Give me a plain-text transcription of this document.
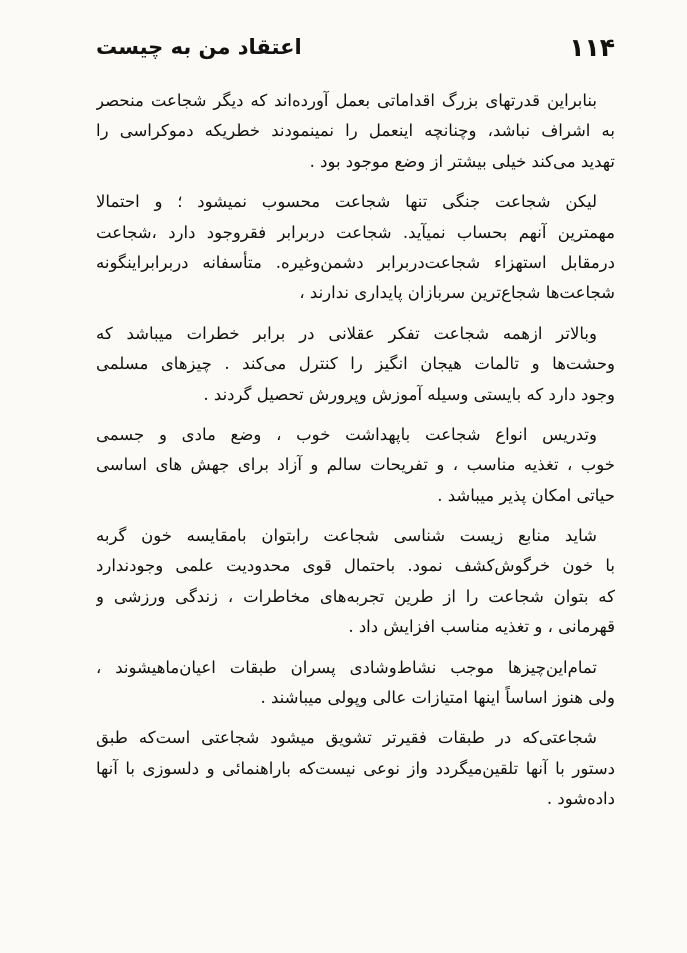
۱۱۴
اعتقاد من به چیست
بنابراین قدرتهای بزرگ اقداماتی بعمل آورده‌اند که دیگر شجاعت منحصر
به اشراف نباشد، وچنانچه اینعمل را نمینمودند خطریکه دموکراسی را
تهدید می‌کند خیلی بیشتر از وضع موجود بود .
لیکن شجاعت جنگی تنها شجاعت محسوب نمیشود ؛ و احتمالا
مهمترین آنهم بحساب نمیآید. شجاعت دربرابر فقروجود دارد ،شجاعت
درمقابل استهزاء شجاعت‌دربرابر دشمن‌وغیره. متأسفانه دربرابراینگونه
شجاعت‌ها شجاع‌ترین سربازان پایداری ندارند ،
وبالاتر ازهمه شجاعت تفکر عقلانی در برابر خطرات میباشد که
وحشت‌ها و تالمات هیجان انگیز را کنترل می‌کند . چیزهای مسلمی
وجود دارد که بایستی وسیله آموزش وپرورش تحصیل گردند .
وتدریس انواع شجاعت باپهداشت خوب ، وضع مادی و جسمی
خوب ، تغذیه مناسب ، و تفریحات سالم و آزاد برای جهش های اساسی
حیاتی امکان پذیر میباشد .
شاید منابع زیست شناسی شجاعت رابتوان بامقایسه خون گربه
با خون خرگوش‌کشف نمود. باحتمال قوی محدودیت علمی وجودندارد
که بتوان شجاعت را از طرین تجربه‌های مخاطرات ، زندگی ورزشی و
قهرمانی ، و تغذیه مناسب افزایش داد .
تمام‌این‌چیزها موجب نشاط‌وشادی پسران طبقات اعیان‌ماهیشوند ،
ولی هنوز اساساً اینها امتیازات عالی وپولی میباشند .
شجاعتی‌که در طبقات فقیرتر تشویق میشود شجاعتی است‌که طبق
دستور با آنها تلقین‌میگردد واز نوعی نیست‌که باراهنمائی و دلسوزی با آنها
داده‌شود .
